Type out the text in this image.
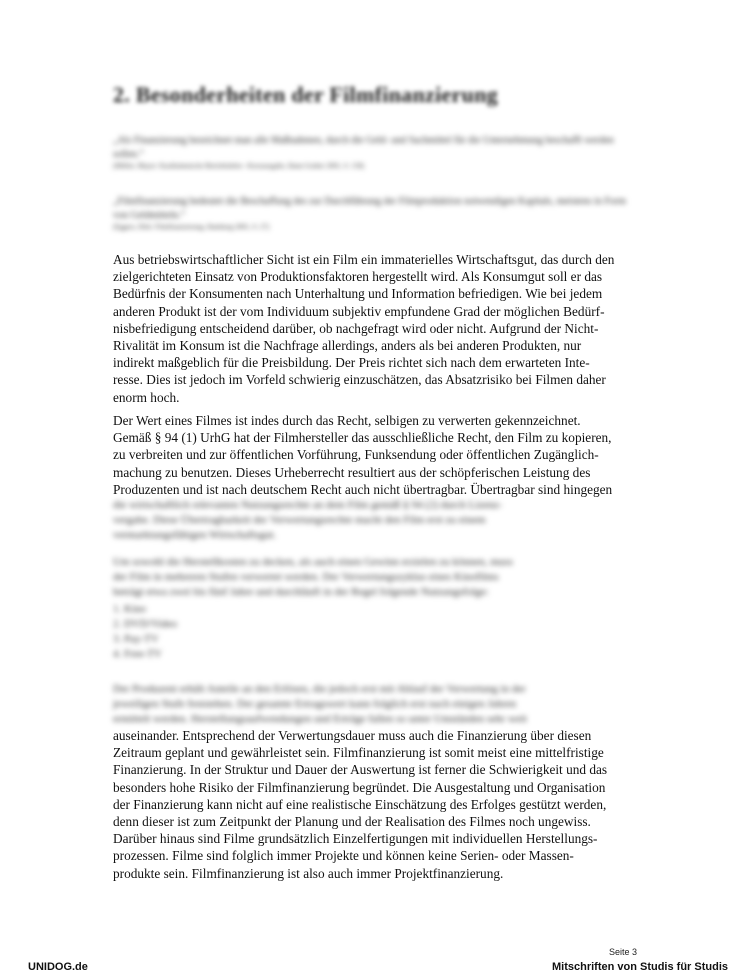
2. Besonderheiten der Filmfinanzierung
„Als Finanzierung bezeichnet man alle Maßnahmen, durch die Geld- und Sachmittel für die Unternehmung beschafft werden sollen.“
(Müller, Mayer: Kaufmännische Betriebslehre –Kurzausgabe, Hann Gruber 2001, S. 158)
„Filmfinanzierung bedeutet die Beschaffung des zur Durchführung der Filmproduktion notwendigen Kapitals, meistens in Form von Geldmitteln.“
(Eggers, Dirk: Filmfinanzierung, Hamburg 2001, S. 27)

Aus betriebswirtschaftlicher Sicht ist ein Film ein immaterielles Wirtschaftsgut, das durch den

zielgerichteten Einsatz von Produktionsfaktoren hergestellt wird. Als Konsumgut soll er das

Bedürfnis der Konsumenten nach Unterhaltung und Information befriedigen. Wie bei jedem

anderen Produkt ist der vom Individuum subjektiv empfundene Grad der möglichen Bedürf-

nisbefriedigung entscheidend darüber, ob nachgefragt wird oder nicht. Aufgrund der Nicht-

Rivalität im Konsum ist die Nachfrage allerdings, anders als bei anderen Produkten, nur

indirekt maßgeblich für die Preisbildung. Der Preis richtet sich nach dem erwarteten Inte-

resse. Dies ist jedoch im Vorfeld schwierig einzuschätzen, das Absatzrisiko bei Filmen daher

enorm hoch.

Der Wert eines Filmes ist indes durch das Recht, selbigen zu verwerten gekennzeichnet.

Gemäß § 94 (1) UrhG hat der Filmhersteller das ausschließliche Recht, den Film zu kopieren,

zu verbreiten und zur öffentlichen Vorführung, Funksendung oder öffentlichen Zugänglich-

machung zu benutzen. Dieses Urheberrecht resultiert aus der schöpferischen Leistung des

Produzenten und ist nach deutschem Recht auch nicht übertragbar. Übertragbar sind hingegen

die wirtschaftlich relevanten Nutzungsrechte an dem Film gemäß § 94 (2) durch Lizenz-

vergabe. Diese Übertragbarkeit der Verwertungsrechte macht den Film erst zu einem

vermarktungsfähigen Wirtschaftsgut.

Um sowohl die Herstellkosten zu decken, als auch einen Gewinn erzielen zu können, muss

der Film in mehreren Stufen verwertet werden. Der Verwertungszyklus eines Kinofilms

beträgt etwa zwei bis fünf Jahre und durchläuft in der Regel folgende Nutzungsfolge:

1. Kino
2. DVD/Video
3. Pay-TV
4. Free-TV

Der Produzent erhält Anteile an den Erlösen, die jedoch erst mit Ablauf der Verwertung in der

jeweiligen Stufe feststehen. Der gesamte Ertragswert kann folglich erst nach einigen Jahren

ermittelt werden. Herstellungsaufwendungen und Erträge fallen so unter Umständen sehr weit

auseinander. Entsprechend der Verwertungsdauer muss auch die Finanzierung über diesen

Zeitraum geplant und gewährleistet sein. Filmfinanzierung ist somit meist eine mittelfristige

Finanzierung. In der Struktur und Dauer der Auswertung ist ferner die Schwierigkeit und das

besonders hohe Risiko der Filmfinanzierung begründet. Die Ausgestaltung und Organisation

der Finanzierung kann nicht auf eine realistische Einschätzung des Erfolges gestützt werden,

denn dieser ist zum Zeitpunkt der Planung und der Realisation des Filmes noch ungewiss.

Darüber hinaus sind Filme grundsätzlich Einzelfertigungen mit individuellen Herstellungs-

prozessen. Filme sind folglich immer Projekte und können keine Serien- oder Massen-

produkte sein. Filmfinanzierung ist also auch immer Projektfinanzierung.

Seite 3
UNIDOG.de	Mitschriften von Studis für Studis
